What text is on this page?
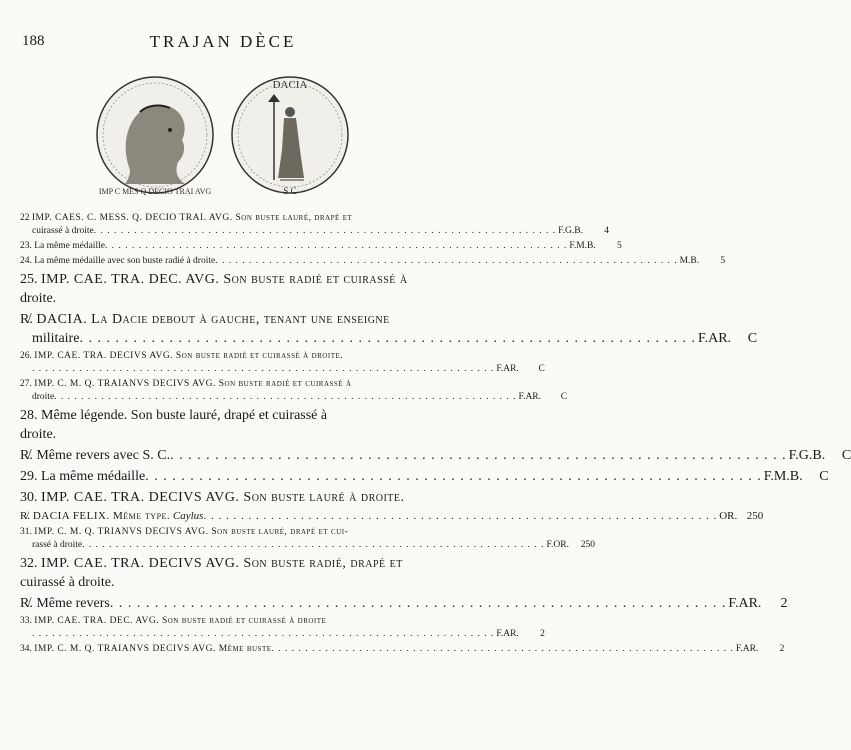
188	TRAJAN DÈCE
DACIA
S C
IMP C MES Q DECIO TRAI AVG
22
IMP. CAES. C. MESS. Q. DECIO TRAI. AVG. Son buste lauré, drapé et
cuirassé à droite . . .	F.G.B.	4
23.
La même médaille . . .	F.M.B.	5
24.
La même médaille avec son buste radié à droite . . .	M.B.	5
25.
IMP. CAE. TRA. DEC. AVG. Son buste radié et cuirassé à
droite.
R̸.
DACIA. La Dacie debout à gauche, tenant une enseigne
militaire . . .	F.AR.	C
26.
IMP. CAE. TRA. DECIVS AVG. Son buste radié et cuirassé à droite.
. . .
F.AR.	C
27.
IMP. C. M. Q. TRAIANVS DECIVS AVG. Son buste radié et cuirassé à
droite . . .	F.AR.	C
28.
Même légende. Son buste lauré, drapé et cuirassé à
droite.
R̸.
Même revers avec S. C. . . .	F.G.B.	C
29.
La même médaille . . .	F.M.B.	C
30.
IMP. CAE. TRA. DECIVS AVG. Son buste lauré à droite.
R̸.
DACIA FELIX. Même type.
Caylus . . .	OR. 250
31.
IMP. C. M. Q. TRIANVS DECIVS AVG. Son buste lauré, drapé et cui-
rassé à droite . . .	F.OR.	250
32.
IMP. CAE. TRA. DECIVS AVG. Son buste radié, drapé et
cuirassé à droite.
R̸.
Même revers . . .	F.AR.	2
33.
IMP. CAE. TRA. DEC. AVG. Son buste radié et cuirassé à droite
. . .
F.AR.	2
34.
IMP. C. M. Q. TRAIANVS DECIVS AVG. Même buste . . .	F.AR.	2
